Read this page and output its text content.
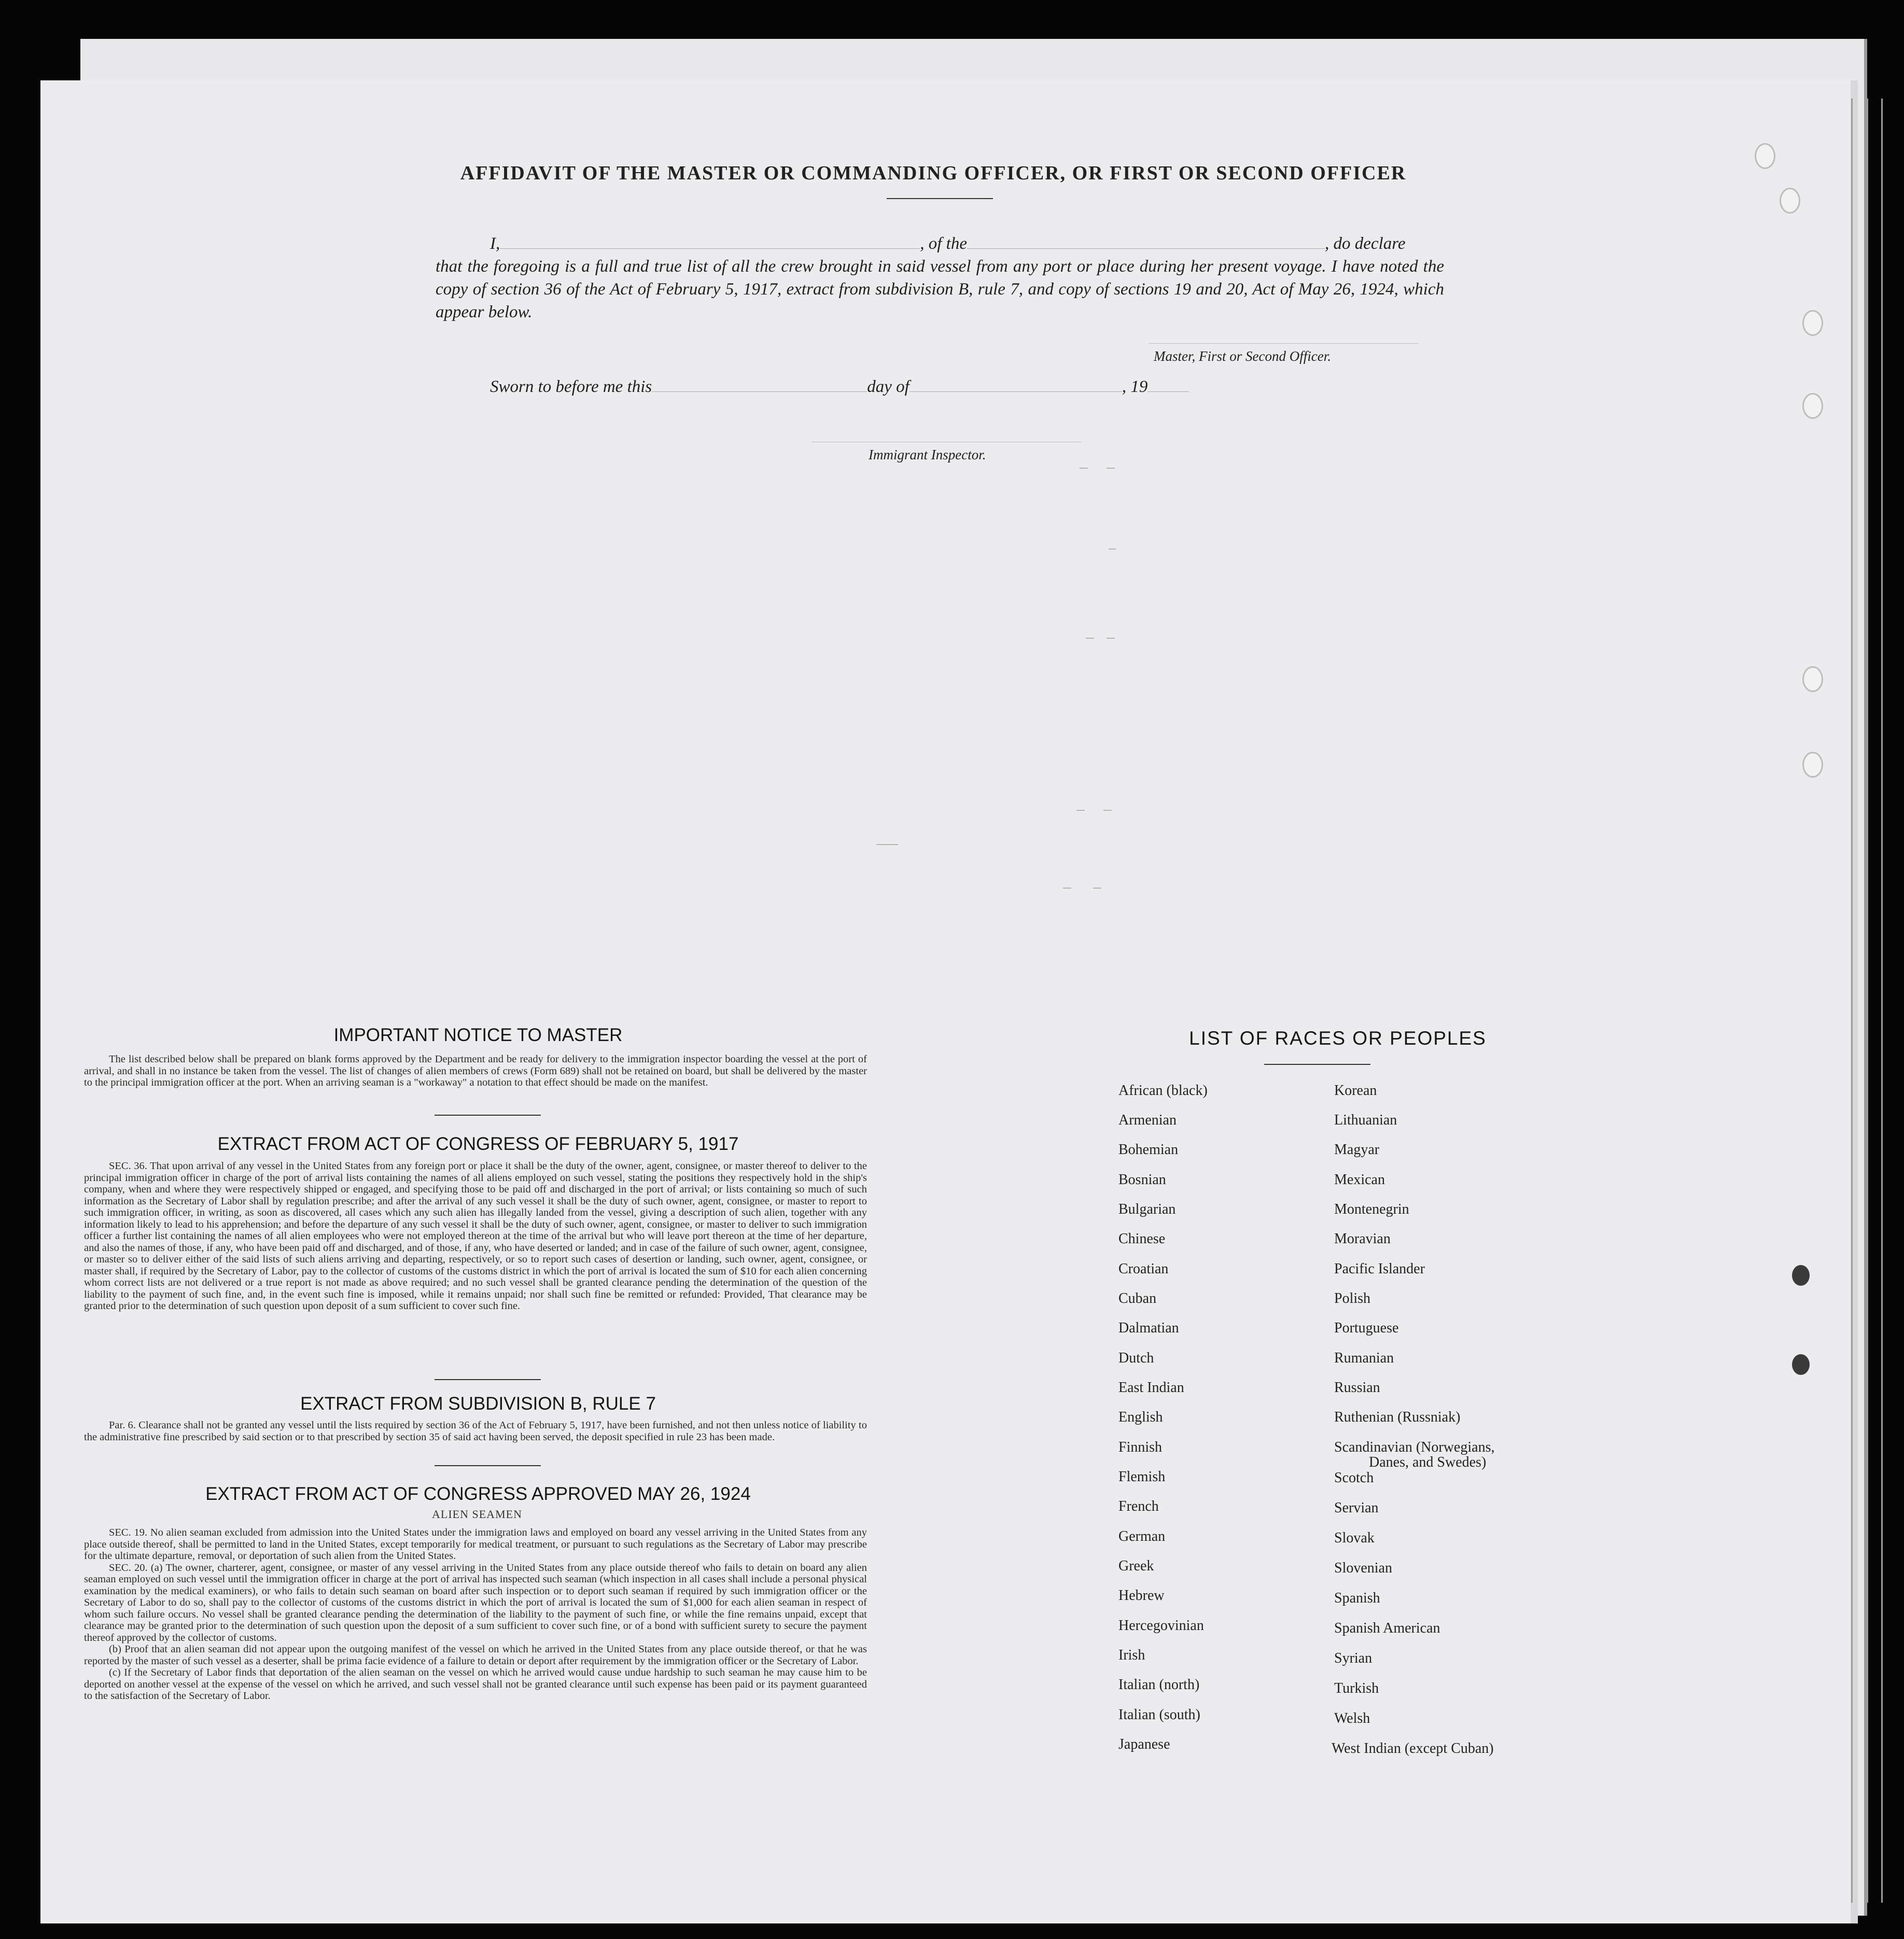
AFFIDAVIT OF THE MASTER OR COMMANDING OFFICER, OR FIRST OR SECOND OFFICER
I,	, of the	, do declare
that the foregoing is a full and true list of all the crew brought in said vessel from any port or place during her present voyage. I have noted the copy of section 36 of the Act of February 5, 1917, extract from subdivision B, rule 7, and copy of sections 19 and 20, Act of May 26, 1924, which appear below.
Master, First or Second Officer.
Sworn to before me this	day of	, 19
Immigrant Inspector.
IMPORTANT NOTICE TO MASTER

The list described below shall be prepared on blank forms approved by the Department and be ready for delivery to the immigration inspector boarding the vessel at the port of arrival, and shall in no instance be taken from the vessel. The list of changes of alien members of crews (Form 689) shall not be retained on board, but shall be delivered by the master to the principal immigration officer at the port. When an arriving seaman is a "workaway" a notation to that effect should be made on the manifest.

EXTRACT FROM ACT OF CONGRESS OF FEBRUARY 5, 1917

SEC. 36. That upon arrival of any vessel in the United States from any foreign port or place it shall be the duty of the owner, agent, consignee, or master thereof to deliver to the principal immigration officer in charge of the port of arrival lists containing the names of all aliens employed on such vessel, stating the positions they respectively hold in the ship's company, when and where they were respectively shipped or engaged, and specifying those to be paid off and discharged in the port of arrival; or lists containing so much of such information as the Secretary of Labor shall by regulation prescribe; and after the arrival of any such vessel it shall be the duty of such owner, agent, consignee, or master to report to such immigration officer, in writing, as soon as discovered, all cases which any such alien has illegally landed from the vessel, giving a description of such alien, together with any information likely to lead to his apprehension; and before the departure of any such vessel it shall be the duty of such owner, agent, consignee, or master to deliver to such immigration officer a further list containing the names of all alien employees who were not employed thereon at the time of the arrival but who will leave port thereon at the time of her departure, and also the names of those, if any, who have been paid off and discharged, and of those, if any, who have deserted or landed; and in case of the failure of such owner, agent, consignee, or master so to deliver either of the said lists of such aliens arriving and departing, respectively, or so to report such cases of desertion or landing, such owner, agent, consignee, or master shall, if required by the Secretary of Labor, pay to the collector of customs of the customs district in which the port of arrival is located the sum of $10 for each alien concerning whom correct lists are not delivered or a true report is not made as above required; and no such vessel shall be granted clearance pending the determination of the question of the liability to the payment of such fine, and, in the event such fine is imposed, while it remains unpaid; nor shall such fine be remitted or refunded: Provided, That clearance may be granted prior to the determination of such question upon deposit of a sum sufficient to cover such fine.

EXTRACT FROM SUBDIVISION B, RULE 7

Par. 6. Clearance shall not be granted any vessel until the lists required by section 36 of the Act of February 5, 1917, have been furnished, and not then unless notice of liability to the administrative fine prescribed by said section or to that prescribed by section 35 of said act having been served, the deposit specified in rule 23 has been made.

EXTRACT FROM ACT OF CONGRESS APPROVED MAY 26, 1924
ALIEN SEAMEN

SEC. 19. No alien seaman excluded from admission into the United States under the immigration laws and employed on board any vessel arriving in the United States from any place outside thereof, shall be permitted to land in the United States, except temporarily for medical treatment, or pursuant to such regulations as the Secretary of Labor may prescribe for the ultimate departure, removal, or deportation of such alien from the United States.

SEC. 20. (a) The owner, charterer, agent, consignee, or master of any vessel arriving in the United States from any place outside thereof who fails to detain on board any alien seaman employed on such vessel until the immigration officer in charge at the port of arrival has inspected such seaman (which inspection in all cases shall include a personal physical examination by the medical examiners), or who fails to detain such seaman on board after such inspection or to deport such seaman if required by such immigration officer or the Secretary of Labor to do so, shall pay to the collector of customs of the customs district in which the port of arrival is located the sum of $1,000 for each alien seaman in respect of whom such failure occurs. No vessel shall be granted clearance pending the determination of the liability to the payment of such fine, or while the fine remains unpaid, except that clearance may be granted prior to the determination of such question upon the deposit of a sum sufficient to cover such fine, or of a bond with sufficient surety to secure the payment thereof approved by the collector of customs.

(b) Proof that an alien seaman did not appear upon the outgoing manifest of the vessel on which he arrived in the United States from any place outside thereof, or that he was reported by the master of such vessel as a deserter, shall be prima facie evidence of a failure to detain or deport after requirement by the immigration officer or the Secretary of Labor.

(c) If the Secretary of Labor finds that deportation of the alien seaman on the vessel on which he arrived would cause undue hardship to such seaman he may cause him to be deported on another vessel at the expense of the vessel on which he arrived, and such vessel shall not be granted clearance until such expense has been paid or its payment guaranteed to the satisfaction of the Secretary of Labor.

LIST OF RACES OR PEOPLES
African (black)
Armenian
Bohemian
Bosnian
Bulgarian
Chinese
Croatian
Cuban
Dalmatian
Dutch
East Indian
English
Finnish
Flemish
French
German
Greek
Hebrew
Hercegovinian
Irish
Italian (north)
Italian (south)
Japanese
Korean
Lithuanian
Magyar
Mexican
Montenegrin
Moravian
Pacific Islander
Polish
Portuguese
Rumanian
Russian
Ruthenian (Russniak)
Scandinavian (Norwegians,
Danes, and Swedes)
Scotch
Servian
Slovak
Slovenian
Spanish
Spanish American
Syrian
Turkish
Welsh
West Indian (except Cuban)
